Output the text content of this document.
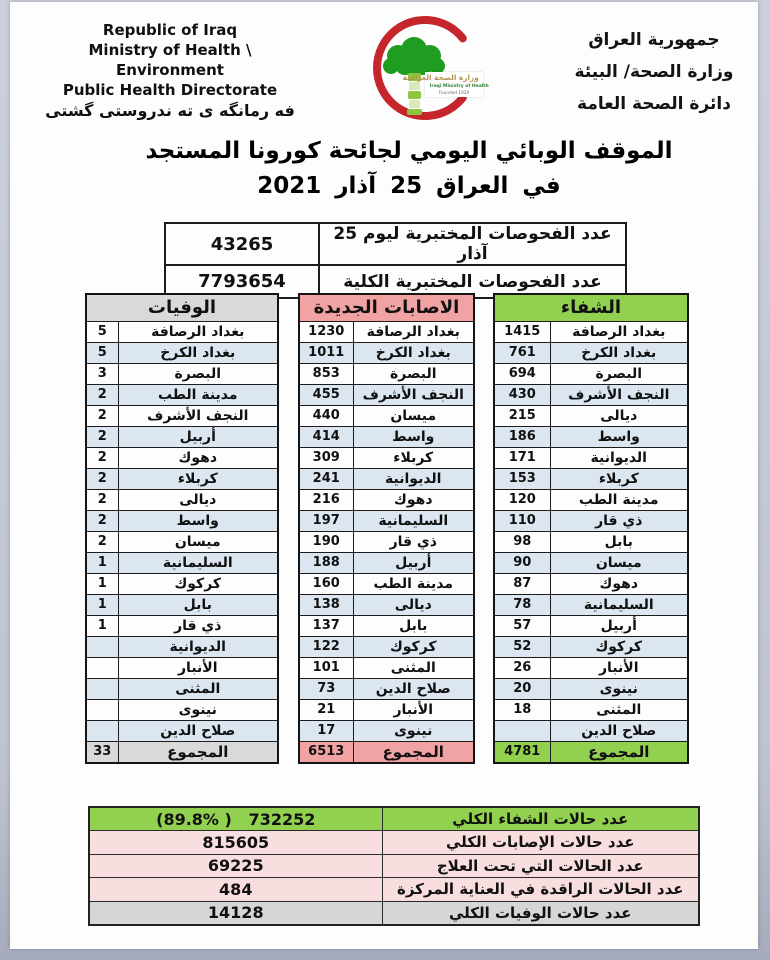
Republic of Iraq
Ministry of Health \ Environment
Public Health Directorate
فه رمانگه ی ته ندروستی گشتی
وزارة الصحة العراقية
Iraqi Ministry of Health
Founded 1920
جمهورية العراق
وزارة الصحة/ البيئة
دائرة الصحة العامة
الموقف الوبائي اليومي لجائحة كورونا المستجد
في العراق 25 آذار 2021
عدد الفحوصات المختبرية ليوم 25 آذار	43265
عدد الفحوصات المختبرية الكلية	7793654
الوفيات	
بغداد الرصافة	5
بغداد الكرخ	5
البصرة	3
مدينة الطب	2
النجف الأشرف	2
أربيل	2
دهوك	2
كربلاء	2
ديالى	2
واسط	2
ميسان	2
السليمانية	1
كركوك	1
بابل	1
ذي قار	1
الديوانية	
الأنبار	
المثنى	
نينوى	
صلاح الدين	
المجموع	33
الاصابات الجديدة	
بغداد الرصافة	1230
بغداد الكرخ	1011
البصرة	853
النجف الأشرف	455
ميسان	440
واسط	414
كربلاء	309
الديوانية	241
دهوك	216
السليمانية	197
ذي قار	190
أربيل	188
مدينة الطب	160
ديالى	138
بابل	137
كركوك	122
المثنى	101
صلاح الدين	73
الأنبار	21
نينوى	17
المجموع	6513
الشفاء	
بغداد الرصافة	1415
بغداد الكرخ	761
البصرة	694
النجف الأشرف	430
ديالى	215
واسط	186
الديوانية	171
كربلاء	153
مدينة الطب	120
ذي قار	110
بابل	98
ميسان	90
دهوك	87
السليمانية	78
أربيل	57
كركوك	52
الأنبار	26
نينوى	20
المثنى	18
صلاح الدين	
المجموع	4781
عدد حالات الشفاء الكلي	(89.8% )   732252
عدد حالات الإصابات الكلي	815605
عدد الحالات التي تحت العلاج	69225
عدد الحالات الراقدة في العناية المركزة	484
عدد حالات الوفيات الكلي	14128
